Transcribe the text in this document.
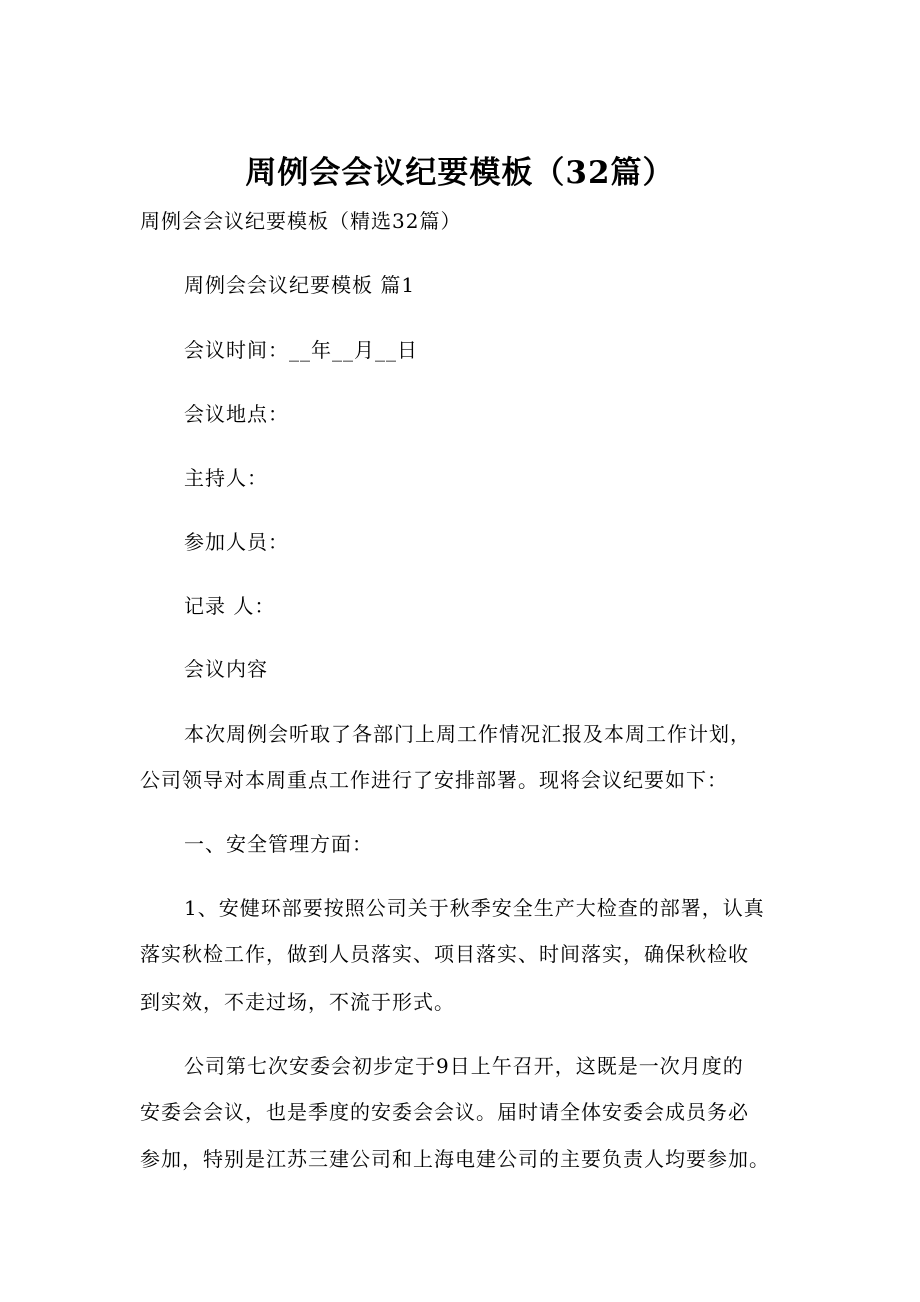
周例会会议纪要模板（32篇）

周例会会议纪要模板（精选32篇）

周例会会议纪要模板 篇1

会议时间：__年__月__日

会议地点：

主持人：

参加人员：

记录 人：

会议内容

本次周例会听取了各部门上周工作情况汇报及本周工作计划，

公司领导对本周重点工作进行了安排部署。现将会议纪要如下：

一、安全管理方面：

1、安健环部要按照公司关于秋季安全生产大检查的部署，认真

落实秋检工作，做到人员落实、项目落实、时间落实，确保秋检收

到实效，不走过场，不流于形式。

公司第七次安委会初步定于9日上午召开，这既是一次月度的

安委会会议，也是季度的安委会会议。届时请全体安委会成员务必

参加，特别是江苏三建公司和上海电建公司的主要负责人均要参加。
